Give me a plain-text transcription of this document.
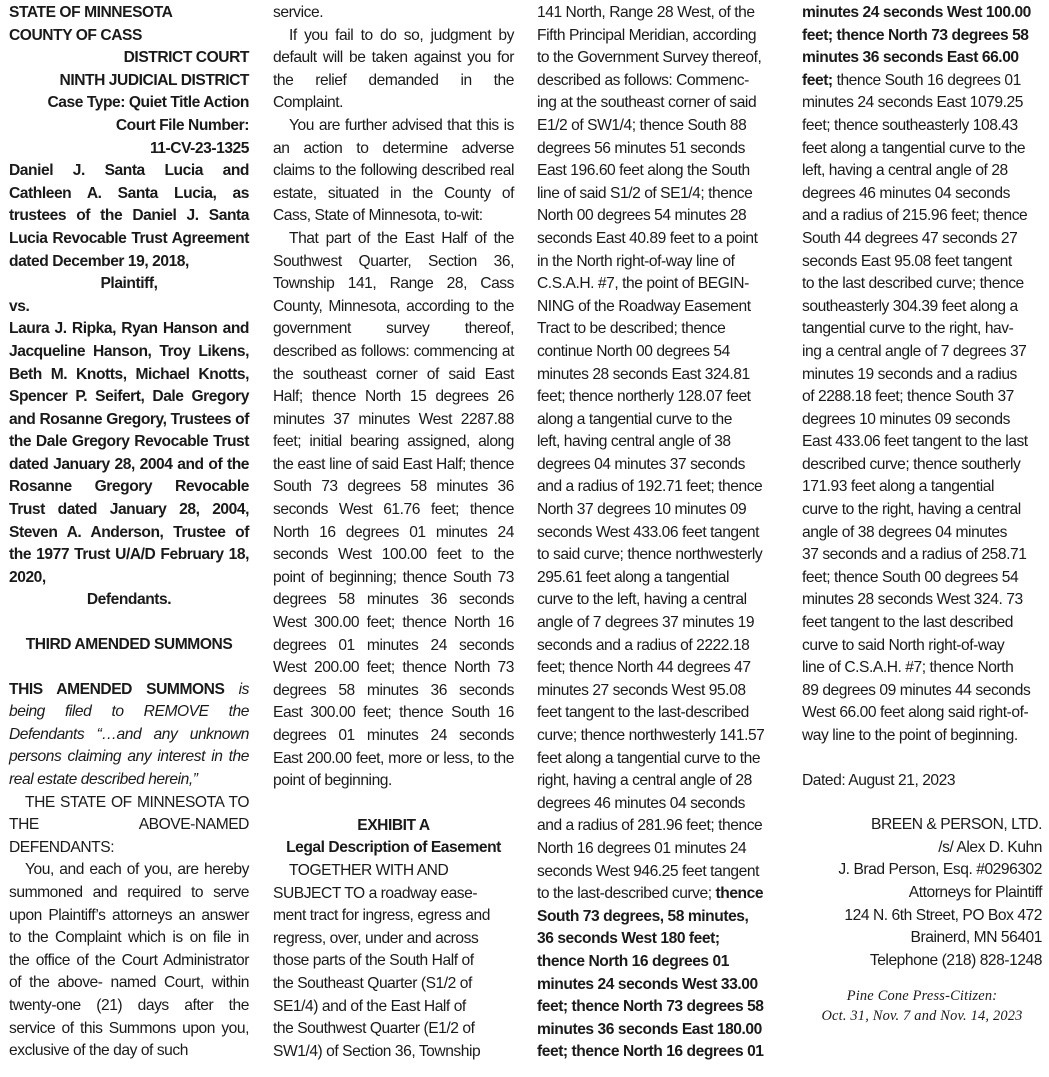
STATE OF MINNESOTA

COUNTY OF CASS

DISTRICT COURT

NINTH JUDICIAL DISTRICT

Case Type: Quiet Title Action

Court File Number:

11-CV-23-1325

Daniel J. Santa Lucia and Cathleen A. Santa Lucia, as trustees of the Daniel J. Santa Lucia Revocable Trust Agreement dated December 19, 2018,

Plaintiff,

vs.

Laura J. Ripka, Ryan Hanson and Jacqueline Hanson, Troy Likens, Beth M. Knotts, Michael Knotts, Spencer P. Seifert, Dale Gregory and Rosanne Gregory, Trustees of the Dale Gregory Revocable Trust dated January 28, 2004 and of the Rosanne Gregory Revocable Trust dated January 28, 2004, Steven A. Anderson, Trustee of the 1977 Trust U/A/D February 18, 2020,

Defendants.

THIRD AMENDED SUMMONS

THIS AMENDED SUMMONS is being filed to REMOVE the Defendants “…and any unknown persons claiming any interest in the real estate described herein,”

THE STATE OF MINNESOTA TO THE ABOVE-NAMED DEFENDANTS:

You, and each of you, are hereby summoned and required to serve upon Plaintiff’s attorneys an answer to the Complaint which is on file in the office of the Court Administrator of the above- named Court, within twenty-one (21) days after the service of this Summons upon you, exclusive of the day of such

service.

If you fail to do so, judgment by default will be taken against you for the relief demanded in the Complaint.

You are further advised that this is an action to determine adverse claims to the following described real estate, situated in the County of Cass, State of Minnesota, to-wit:

That part of the East Half of the Southwest Quarter, Section 36, Township 141, Range 28, Cass County, Minnesota, according to the government survey thereof, described as follows: commencing at the southeast corner of said East Half; thence North 15 degrees 26 minutes 37 minutes West 2287.88 feet; initial bearing assigned, along the east line of said East Half; thence South 73 degrees 58 minutes 36 seconds West 61.76 feet; thence North 16 degrees 01 minutes 24 seconds West 100.00 feet to the point of beginning; thence South 73 degrees 58 minutes 36 seconds West 300.00 feet; thence North 16 degrees 01 minutes 24 seconds West 200.00 feet; thence North 73 degrees 58 minutes 36 seconds East 300.00 feet; thence South 16 degrees 01 minutes 24 seconds East 200.00 feet, more or less, to the point of beginning.

EXHIBIT A

Legal Description of Easement

TOGETHER WITH AND

SUBJECT TO a roadway ease-

ment tract for ingress, egress and

regress, over, under and across

those parts of the South Half of

the Southeast Quarter (S1/2 of

SE1/4) and of the East Half of

the Southwest Quarter (E1/2 of

SW1/4) of Section 36, Township

141 North, Range 28 West, of the

Fifth Principal Meridian, according

to the Government Survey thereof,

described as follows: Commenc-

ing at the southeast corner of said

E1/2 of SW1/4; thence South 88

degrees 56 minutes 51 seconds

East 196.60 feet along the South

line of said S1/2 of SE1/4; thence

North 00 degrees 54 minutes 28

seconds East 40.89 feet to a point

in the North right-of-way line of

C.S.A.H. #7, the point of BEGIN-

NING of the Roadway Easement

Tract to be described; thence

continue North 00 degrees 54

minutes 28 seconds East 324.81

feet; thence northerly 128.07 feet

along a tangential curve to the

left, having central angle of 38

degrees 04 minutes 37 seconds

and a radius of 192.71 feet; thence

North 37 degrees 10 minutes 09

seconds West 433.06 feet tangent

to said curve; thence northwesterly

295.61 feet along a tangential

curve to the left, having a central

angle of 7 degrees 37 minutes 19

seconds and a radius of 2222.18

feet; thence North 44 degrees 47

minutes 27 seconds West 95.08

feet tangent to the last-described

curve; thence northwesterly 141.57

feet along a tangential curve to the

right, having a central angle of 28

degrees 46 minutes 04 seconds

and a radius of 281.96 feet; thence

North 16 degrees 01 minutes 24

seconds West 946.25 feet tangent

to the last-described curve; thence

South 73 degrees, 58 minutes,

36 seconds West 180 feet;

thence North 16 degrees 01

minutes 24 seconds West 33.00

feet; thence North 73 degrees 58

minutes 36 seconds East 180.00

feet; thence North 16 degrees 01

minutes 24 seconds West 100.00

feet; thence North 73 degrees 58

minutes 36 seconds East 66.00

feet; thence South 16 degrees 01

minutes 24 seconds East 1079.25

feet; thence southeasterly 108.43

feet along a tangential curve to the

left, having a central angle of 28

degrees 46 minutes 04 seconds

and a radius of 215.96 feet; thence

South 44 degrees 47 seconds 27

seconds East 95.08 feet tangent

to the last described curve; thence

southeasterly 304.39 feet along a

tangential curve to the right, hav-

ing a central angle of 7 degrees 37

minutes 19 seconds and a radius

of 2288.18 feet; thence South 37

degrees 10 minutes 09 seconds

East 433.06 feet tangent to the last

described curve; thence southerly

171.93 feet along a tangential

curve to the right, having a central

angle of 38 degrees 04 minutes

37 seconds and a radius of 258.71

feet; thence South 00 degrees 54

minutes 28 seconds West 324. 73

feet tangent to the last described

curve to said North right-of-way

line of C.S.A.H. #7; thence North

89 degrees 09 minutes 44 seconds

West 66.00 feet along said right-of-

way line to the point of beginning.

Dated: August 21, 2023

BREEN & PERSON, LTD.

/s/ Alex D. Kuhn

J. Brad Person, Esq. #0296302

Attorneys for Plaintiff

124 N. 6th Street, PO Box 472

Brainerd, MN 56401

Telephone (218) 828-1248

Pine Cone Press-Citizen:

Oct. 31, Nov. 7 and Nov. 14, 2023
